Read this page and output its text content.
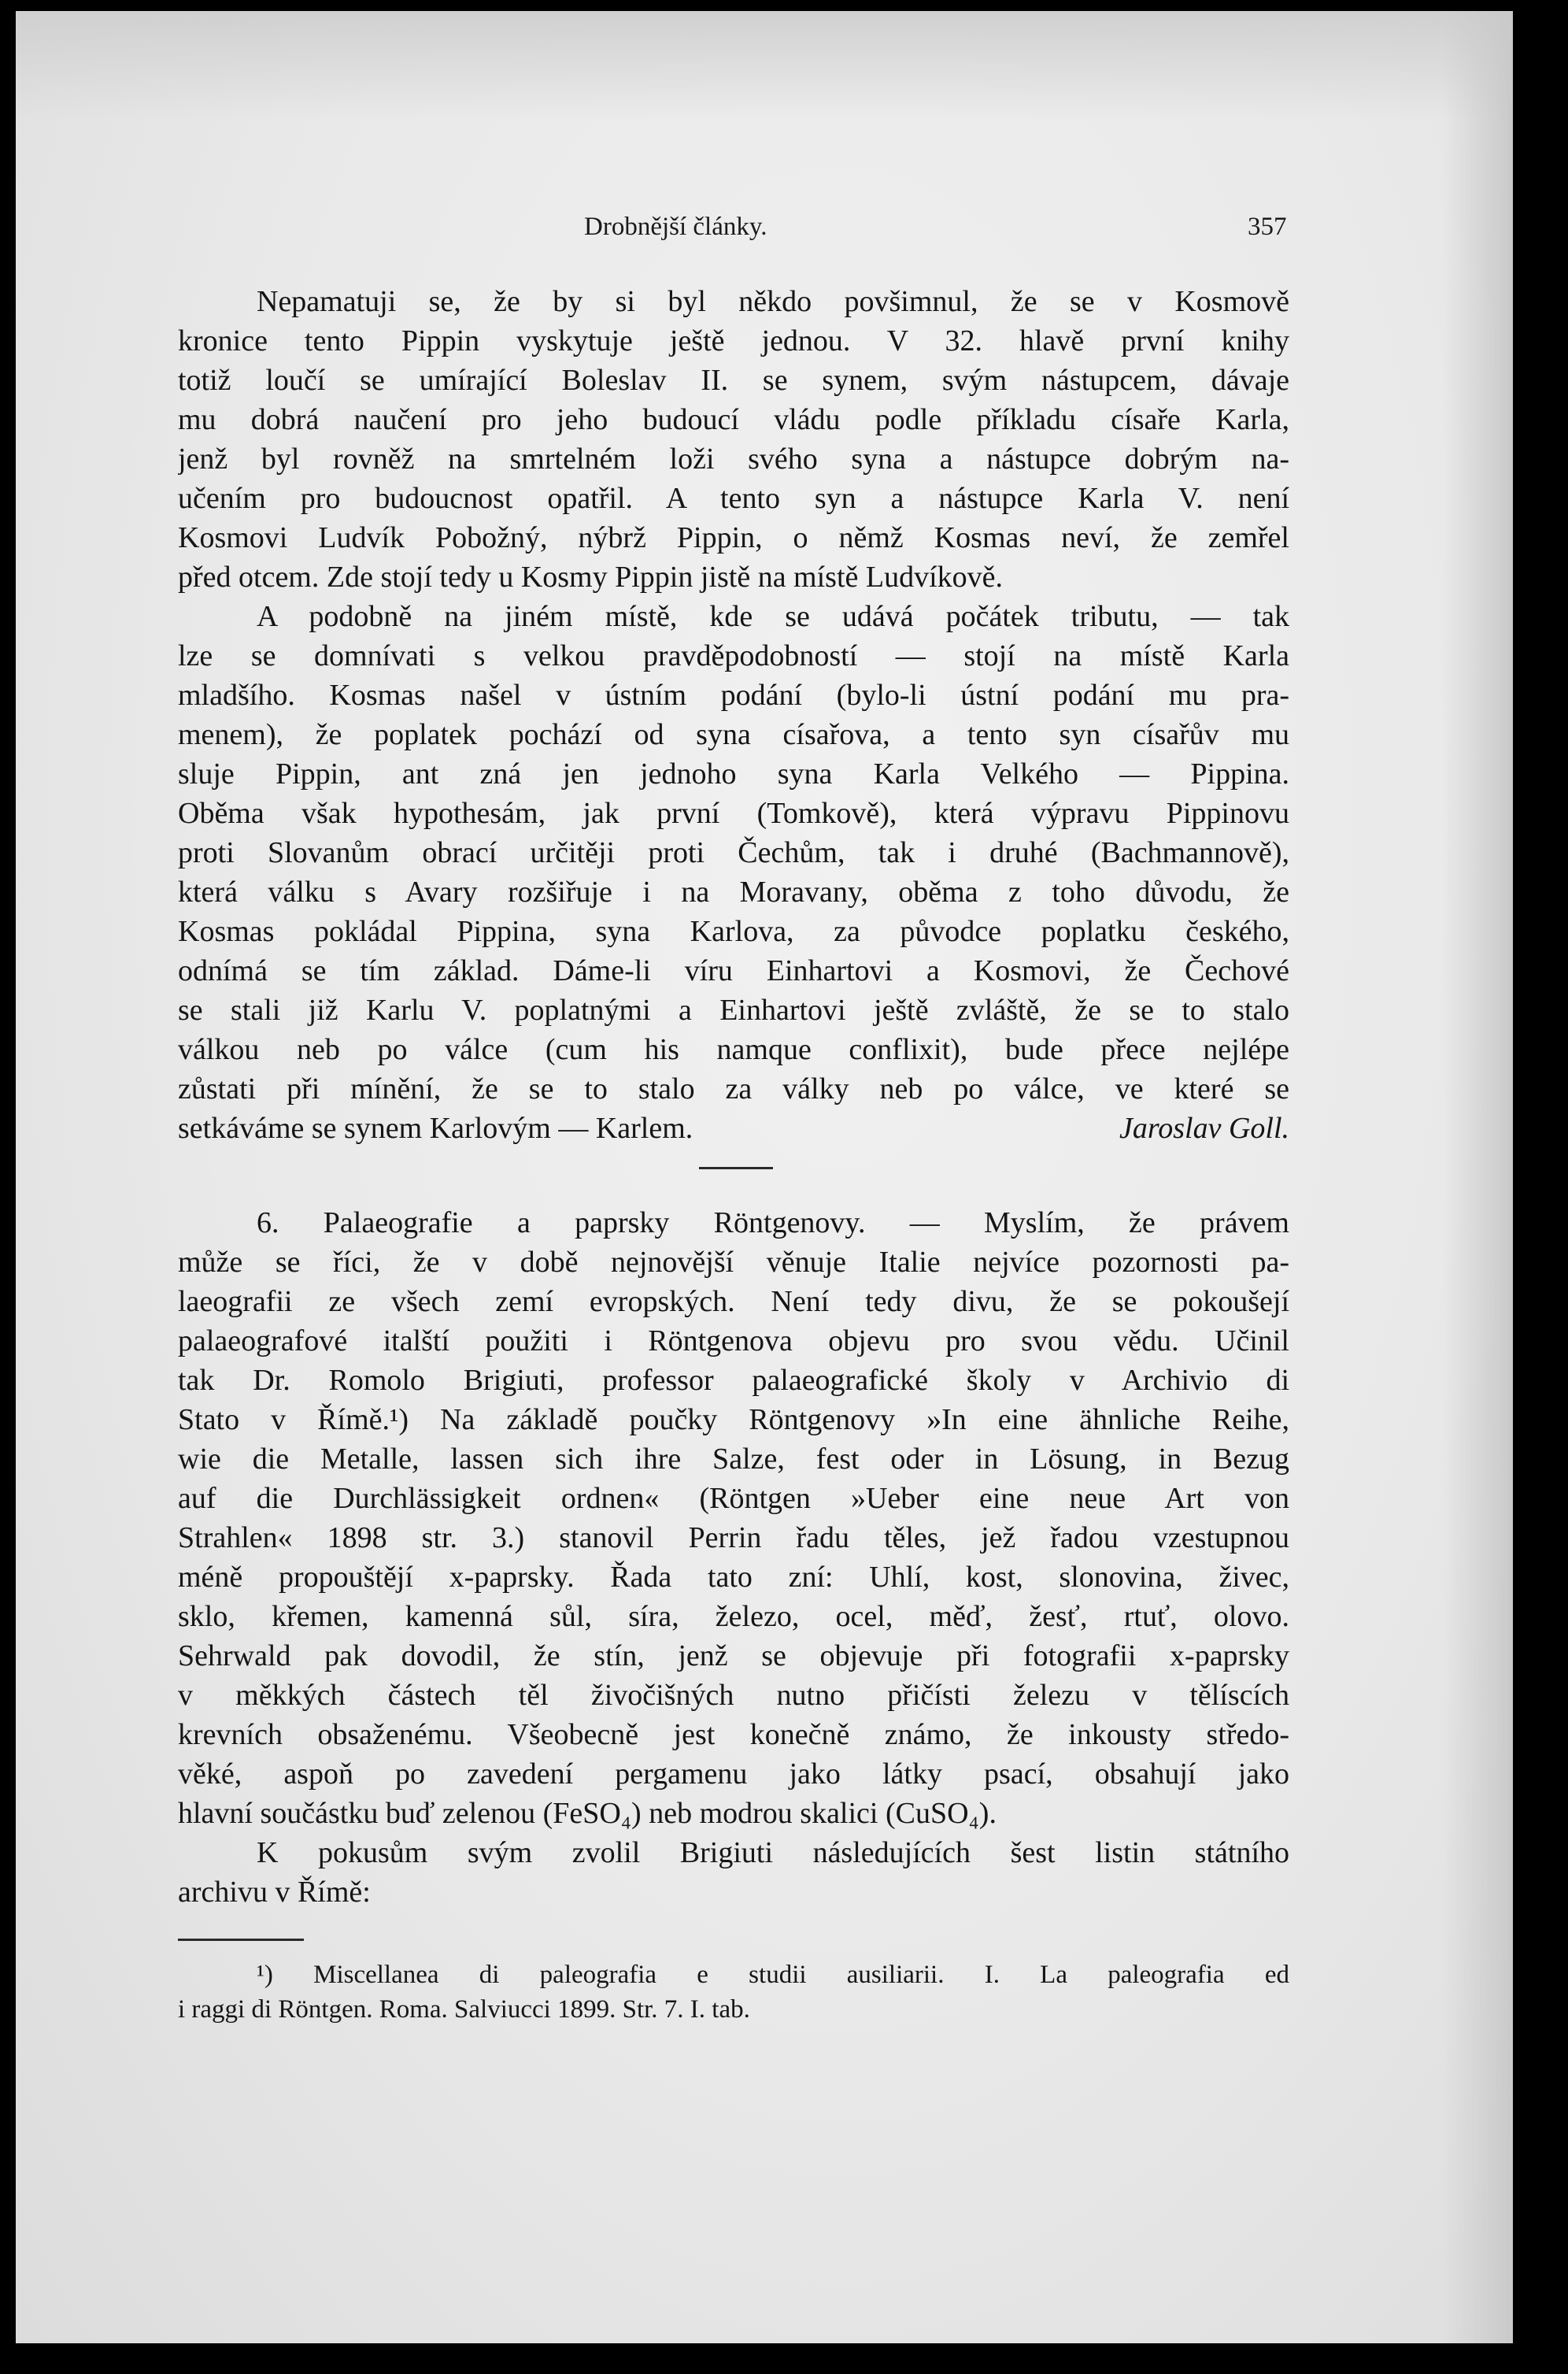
Drobnější články.	357
Nepamatuji se, že by si byl někdo povšimnul, že se v Kosmově
kronice tento Pippin vyskytuje ještě jednou. V 32. hlavě první knihy
totiž loučí se umírající Boleslav II. se synem, svým nástupcem, dávaje
mu dobrá naučení pro jeho budoucí vládu podle příkladu císaře Karla,
jenž byl rovněž na smrtelném loži svého syna a nástupce dobrým na-
učením pro budoucnost opatřil. A tento syn a nástupce Karla V. není
Kosmovi Ludvík Pobožný, nýbrž Pippin, o němž Kosmas neví, že zemřel
před otcem. Zde stojí tedy u Kosmy Pippin jistě na místě Ludvíkově.
A podobně na jiném místě, kde se udává počátek tributu, — tak
lze se domnívati s velkou pravděpodobností — stojí na místě Karla
mladšího. Kosmas našel v ústním podání (bylo-li ústní podání mu pra-
menem), že poplatek pochází od syna císařova, a tento syn císařův mu
sluje Pippin, ant zná jen jednoho syna Karla Velkého — Pippina.
Oběma však hypothesám, jak první (Tomkově), která výpravu Pippinovu
proti Slovanům obrací určitěji proti Čechům, tak i druhé (Bachmannově),
která válku s Avary rozšiřuje i na Moravany, oběma z toho důvodu, že
Kosmas pokládal Pippina, syna Karlova, za původce poplatku českého,
odnímá se tím základ. Dáme-li víru Einhartovi a Kosmovi, že Čechové
se stali již Karlu V. poplatnými a Einhartovi ještě zvláště, že se to stalo
válkou neb po válce (cum his namque conflixit), bude přece nejlépe
zůstati při mínění, že se to stalo za války neb po válce, ve které se
setkáváme se synem Karlovým — Karlem.	Jaroslav Goll.
6. Palaeografie a paprsky Röntgenovy. — Myslím, že právem
může se říci, že v době nejnovější věnuje Italie nejvíce pozornosti pa-
laeografii ze všech zemí evropských. Není tedy divu, že se pokoušejí
palaeografové italští použiti i Röntgenova objevu pro svou vědu. Učinil
tak Dr. Romolo Brigiuti, professor palaeografické školy v Archivio di
Stato v Římě.¹) Na základě poučky Röntgenovy »In eine ähnliche Reihe,
wie die Metalle, lassen sich ihre Salze, fest oder in Lösung, in Bezug
auf die Durchlässigkeit ordnen« (Röntgen »Ueber eine neue Art von
Strahlen« 1898 str. 3.) stanovil Perrin řadu těles, jež řadou vzestupnou
méně propouštějí x-paprsky. Řada tato zní: Uhlí, kost, slonovina, živec,
sklo, křemen, kamenná sůl, síra, železo, ocel, měď, žesť, rtuť, olovo.
Sehrwald pak dovodil, že stín, jenž se objevuje při fotografii x-paprsky
v měkkých částech těl živočišných nutno přičísti železu v tělíscích
krevních obsaženému. Všeobecně jest konečně známo, že inkousty středo-
věké, aspoň po zavedení pergamenu jako látky psací, obsahují jako
hlavní součástku buď zelenou (FeSO₄) neb modrou skalici (CuSO₄).
K pokusům svým zvolil Brigiuti následujících šest listin státního
archivu v Římě:
¹) Miscellanea di paleografia e studii ausiliarii. I. La paleografia ed
i raggi di Röntgen. Roma. Salviucci 1899. Str. 7. I. tab.
